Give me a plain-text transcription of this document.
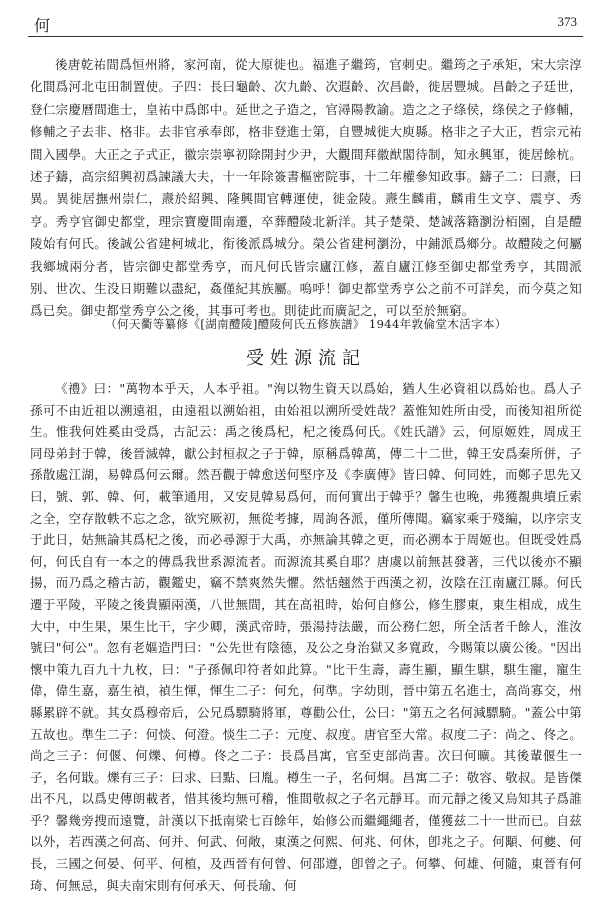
何	373

後唐乾祐間爲恒州將，家河南，從大原徙也。福進子繼筠，官刺史。繼筠之子承矩，宋大宗淳化間爲河北屯田制置使。子四：長曰龜齡、次九齡、次遐齡、次昌齡，徙居豐城。昌齡之子廷世，登仁宗慶曆間進士，皇祐中爲郎中。延世之子造之，官潯陽教諭。造之之子绦侯，绦侯之子修輔，修輔之子去非、格非。去非官承奉郎，格非登進士第，自豐城徙大庾縣。格非之子大正，哲宗元祐間入國學。大正之子式正，徽宗崇寧初除開封少尹，大觀間拜徽猷閣待制，知永興軍，徙居餘杭。述子鑄，高宗紹興初爲諫議大夫，十一年除簽書樞密院事，十二年權參知政事。鑄子二：曰燾，曰異。異徙居撫州崇仁，燾於紹興、隆興間官轉運使，徙金陵。燾生麟甫，麟甫生文亨、震亨、秀亨。秀亨官御史都堂，理宗寶慶間南遷，卒葬醴陵北新洋。其子楚榮、楚誠落籍瀏汾栢園，自是醴陵始有何氏。後誠公省建柯城北，衔後派爲城分。榮公省建柯瀏汾，中鋪派爲鄉分。故醴陵之何屬我鄉城兩分者，皆宗御史都堂秀亨，而凡何氏皆宗廬江修，蓋自廬江修至御史都堂秀亨，其間派别、世次、生没日期難以盡紀，姦僅紀其族屬。嗚呼！御史都堂秀亨公之前不可詳矣，而今莫之知爲已矣。御史都堂秀亨公之後，其事可考也。則徒此而廣記之，可以至於無窮。

（何天衢等纂修《[湖南醴陵]醴陵何氏五修族譜》 1944年敦倫堂木活字本）
受姓源流記

《禮》曰："萬物本乎天，人本乎祖。"洵以物生資天以爲始，猶人生必資祖以爲始也。爲人子孫可不由近祖以溯遠祖，由遠祖以溯始祖，由始祖以溯所受姓哉？蓋惟知姓所由受，而後知祖所從生。惟我何姓奚由受爲，古記云：禹之後爲杞，杞之後爲何氏。《姓氏譜》云，何原姬姓，周成王同母弟封于韓，後晉滅韓，獻公封桓叔之子于韓，原稱爲韓萬，傳二十二世，韓王安爲秦所併，子孫散處江湖，易韓爲何云爾。然吾觀于韓愈送何堅序及《李廣傳》皆曰韓、何同姓，而鄭子思先又曰，號、郭、韓、何，載筆通用，又安見韓易爲何，而何實出于韓乎？馨生也晚，弗獲覩典墳丘索之全，空存散軼不忘之念，欲究厥初，無從考據，周詢各派，僅所傳聞。竊家乘于殘編，以序宗支于此日，姑無論其爲杞之後，而必尋源于大禹，亦無論其韓之更，而必溯本于周姬也。但既受姓爲何，何氏自有一本之的傳爲我世系源流者。而源流其奚自耶？唐虞以前無甚發著，三代以後亦不顯揚，而乃爲之稽古訪，觀鑑史，竊不禁爽然失懼。然恬翹然于西漢之初，汝陰在江南廬江縣。何氏遷于平陵，平陵之後貴顯兩漢，八世無間，其在高祖時，始何自修公，修生膠東，東生相成，成生大中，中生果，果生比干，字少卿，漢武帝時，張湯持法嚴，而公務仁恕，所全活者千餘人，淮汝號曰"何公"。忽有老嫗造門曰："公先世有陰德，及公之身治獄又多寬政，今賜策以廣公後。"因出懷中策九百九十九枚，曰："子孫佩印符者如此算。"比干生壽，壽生顯，顯生騏，騏生寵，寵生偉，偉生嘉，嘉生禎，禎生惲，惲生二子：何允，何準。字幼則，晉中第五名進士，高尚寡交，州縣累辟不就。其女爲穆帝后，公兄爲驃騎將軍，尊勸公仕，公曰："第五之名何減驃騎。"蓋公中第五故也。準生二子：何惔、何澄。惔生二子：元度、叔度。唐官至大常。叔度二子：尚之、佟之。尚之三子：何偃、何爍、何樽。佟之二子：長爲昌寓，官至吏部尚書。次曰何曠。其後輩偃生一子，名何戢。爍有三子：曰求、曰點、曰胤。樽生一子，名何炯。昌寓二子：敬容、敬叔。是皆傑出不凡，以爲史傳朗載者，惜其後均無可稽，惟間敬叔之子名元靜耳。而元靜之後又烏知其子爲誰乎？馨幾旁搜而遠覽，計漢以下抵南梁七百餘年，始修公而繼繩繩者，僅獲兹二十一世而已。自兹以外，若西漢之何高、何并、何武、何敞，東漢之何熙、何兆、何休，卽兆之子。何顒、何夔、何長，三國之何晏、何平、何植，及西晉有何曾、何邵遵，卽曾之子。何攀、何雄、何隨，東晉有何琦、何無忌，與夫南宋則有何承天、何長瑜、何
